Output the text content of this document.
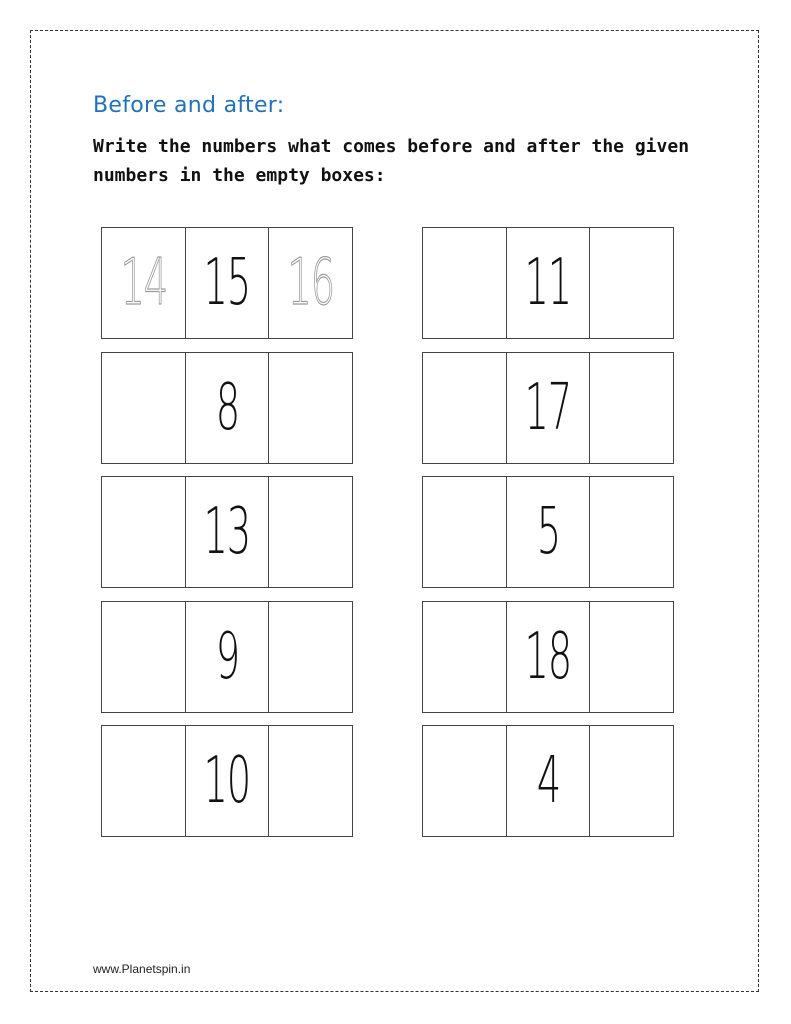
Before and after:

Write the numbers what comes before and after the given numbers in the empty boxes:

14 15 16
8
13
9
10
11
17
5
18
4

www.Planetspin.in
